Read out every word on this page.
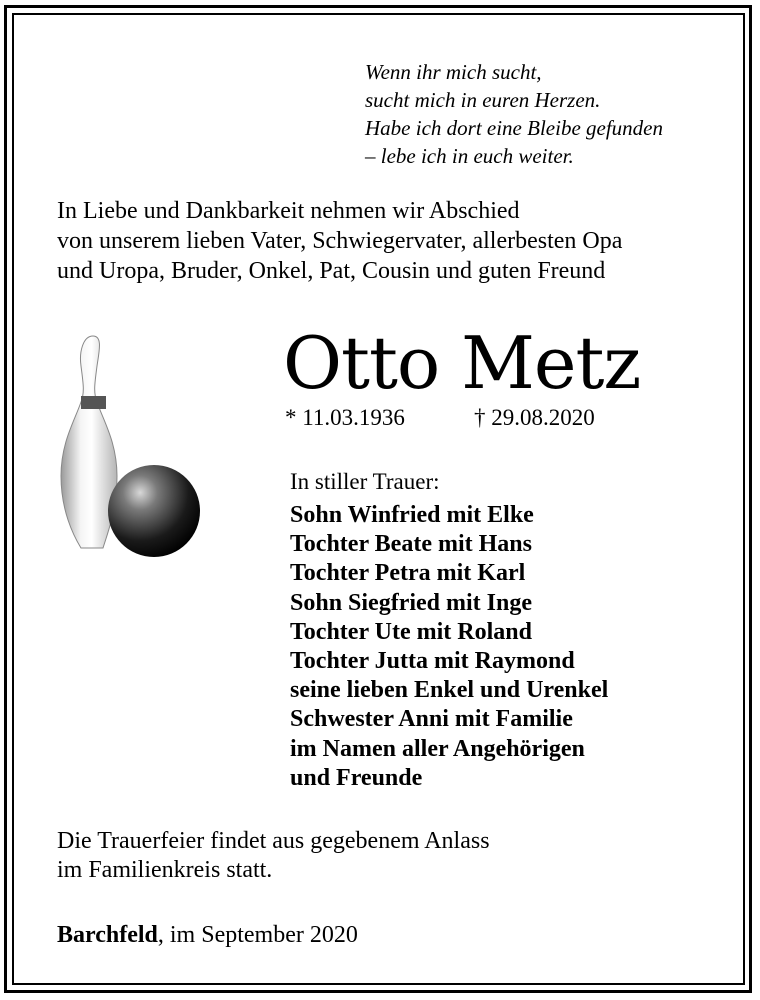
Wenn ihr mich sucht,
sucht mich in euren Herzen.
Habe ich dort eine Bleibe gefunden
– lebe ich in euch weiter.
In Liebe und Dankbarkeit nehmen wir Abschied
von unserem lieben Vater, Schwiegervater, allerbesten Opa
und Uropa, Bruder, Onkel, Pat, Cousin und guten Freund
Otto Metz
* 11.03.1936	† 29.08.2020
In stiller Trauer:
Sohn Winfried mit Elke
Tochter Beate mit Hans
Tochter Petra mit Karl
Sohn Siegfried mit Inge
Tochter Ute mit Roland
Tochter Jutta mit Raymond
seine lieben Enkel und Urenkel
Schwester Anni mit Familie
im Namen aller Angehörigen
und Freunde
Die Trauerfeier findet aus gegebenem Anlass
im Familienkreis statt.
Barchfeld, im September 2020
